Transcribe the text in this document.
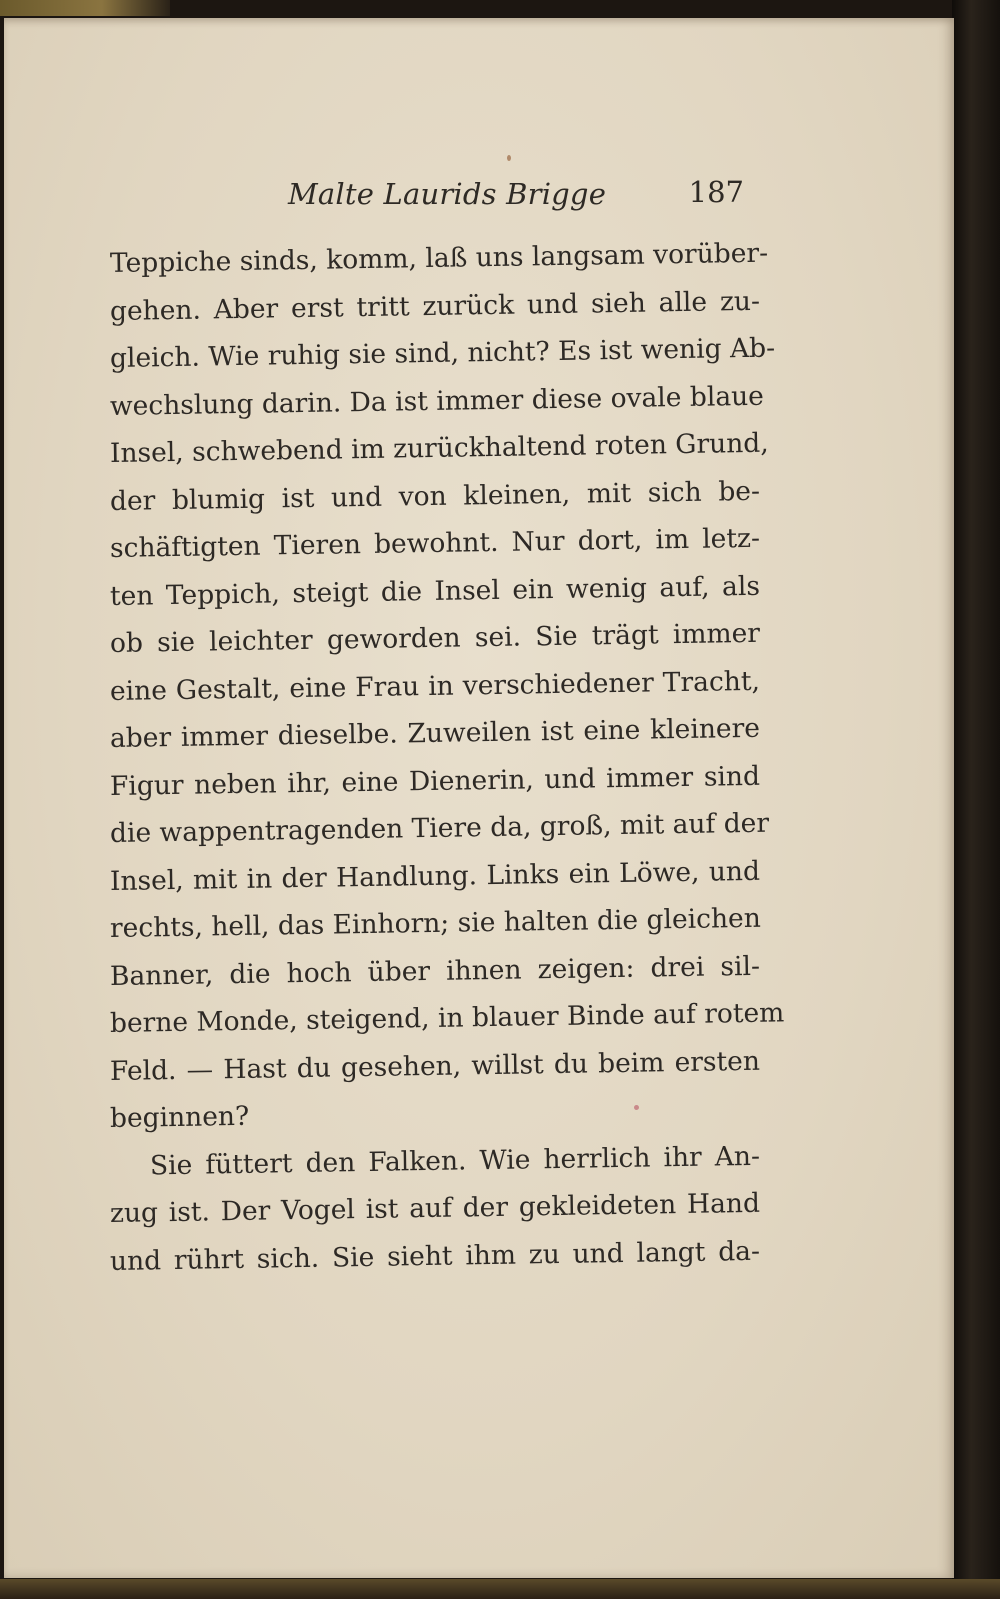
Malte Laurids Brigge	187
Teppiche sinds, komm, laß uns langsam vorüber-
gehen. Aber erst tritt zurück und sieh alle zu-
gleich. Wie ruhig sie sind, nicht? Es ist wenig Ab-
wechslung darin. Da ist immer diese ovale blaue
Insel, schwebend im zurückhaltend roten Grund,
der blumig ist und von kleinen, mit sich be-
schäftigten Tieren bewohnt. Nur dort, im letz-
ten Teppich, steigt die Insel ein wenig auf, als
ob sie leichter geworden sei. Sie trägt immer
eine Gestalt, eine Frau in verschiedener Tracht,
aber immer dieselbe. Zuweilen ist eine kleinere
Figur neben ihr, eine Dienerin, und immer sind
die wappentragenden Tiere da, groß, mit auf der
Insel, mit in der Handlung. Links ein Löwe, und
rechts, hell, das Einhorn; sie halten die gleichen
Banner, die hoch über ihnen zeigen: drei sil-
berne Monde, steigend, in blauer Binde auf rotem
Feld. — Hast du gesehen, willst du beim ersten
beginnen?
Sie füttert den Falken. Wie herrlich ihr An-
zug ist. Der Vogel ist auf der gekleideten Hand
und rührt sich. Sie sieht ihm zu und langt da-
